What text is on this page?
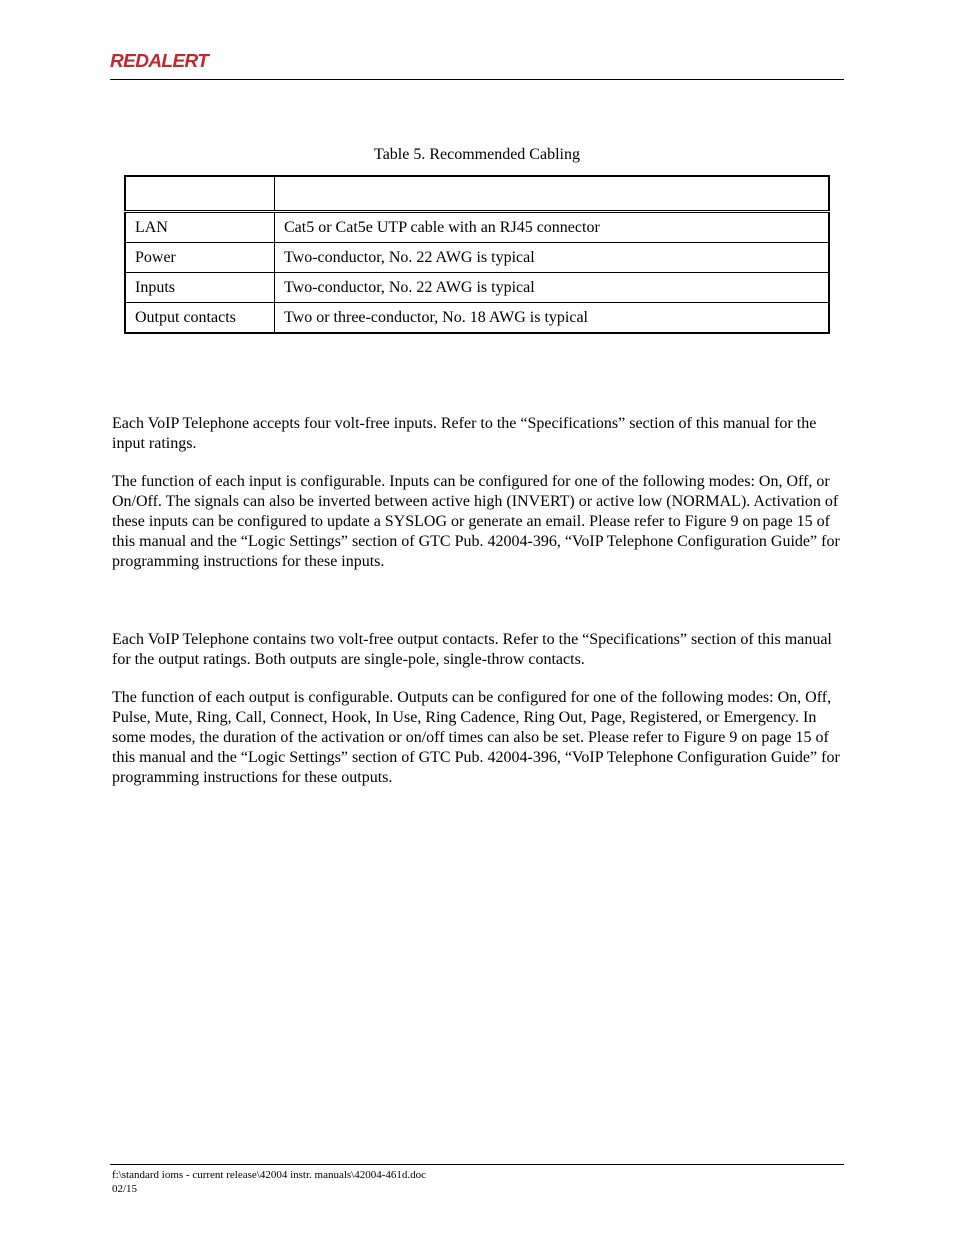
REDALERT
Table 5. Recommended Cabling

LAN	Cat5 or Cat5e UTP cable with an RJ45 connector
Power	Two-conductor, No. 22 AWG is typical
Inputs	Two-conductor, No. 22 AWG is typical
Output contacts	Two or three-conductor, No. 18 AWG is typical

Each VoIP Telephone accepts four volt-free inputs. Refer to the “Specifications” section of this manual for the input ratings.

The function of each input is configurable. Inputs can be configured for one of the following modes: On, Off, or On/Off. The signals can also be inverted between active high (INVERT) or active low (NORMAL). Activation of these inputs can be configured to update a SYSLOG or generate an email. Please refer to Figure 9 on page 15 of this manual and the “Logic Settings” section of GTC Pub. 42004-396, “VoIP Telephone Configuration Guide” for programming instructions for these inputs.

Each VoIP Telephone contains two volt-free output contacts. Refer to the “Specifications” section of this manual for the output ratings. Both outputs are single-pole, single-throw contacts.

The function of each output is configurable. Outputs can be configured for one of the following modes: On, Off, Pulse, Mute, Ring, Call, Connect, Hook, In Use, Ring Cadence, Ring Out, Page, Registered, or Emergency. In some modes, the duration of the activation or on/off times can also be set. Please refer to Figure 9 on page 15 of this manual and the “Logic Settings” section of GTC Pub. 42004-396, “VoIP Telephone Configuration Guide” for programming instructions for these outputs.

f:\standard ioms - current release\42004 instr. manuals\42004-461d.doc
02/15
